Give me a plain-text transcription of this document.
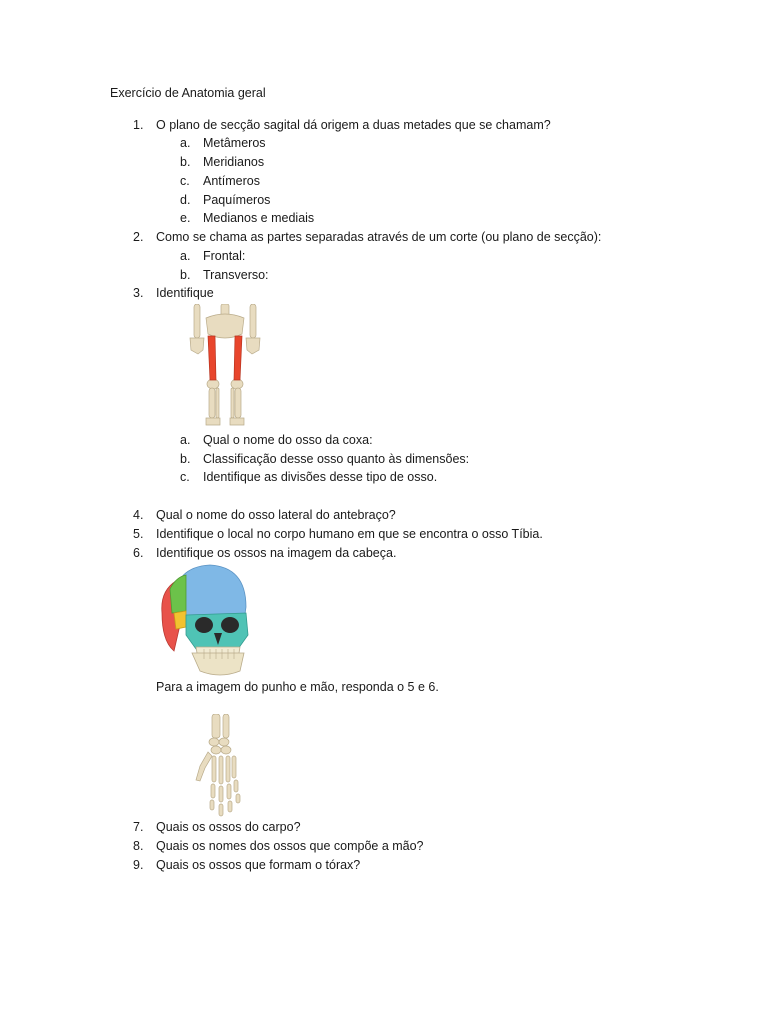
Exercício de Anatomia geral
1. O plano de secção sagital dá origem a duas metades que se chamam?
a. Metâmeros
b. Meridianos
c. Antímeros
d. Paquímeros
e. Medianos e mediais
2. Como se chama as partes separadas através de um corte (ou plano de secção):
a. Frontal:
b. Transverso:
3. Identifique
a. Qual o nome do osso da coxa:
b. Classificação desse osso quanto às dimensões:
c. Identifique as divisões desse tipo de osso.
4. Qual o nome do osso lateral do antebraço?
5. Identifique o local no corpo humano em que se encontra o osso Tíbia.
6. Identifique os ossos na imagem da cabeça.
Para a imagem do punho e mão, responda o 5 e 6.
7. Quais os ossos do carpo?
8. Quais os nomes dos ossos que compõe a mão?
9. Quais os ossos que formam o tórax?
